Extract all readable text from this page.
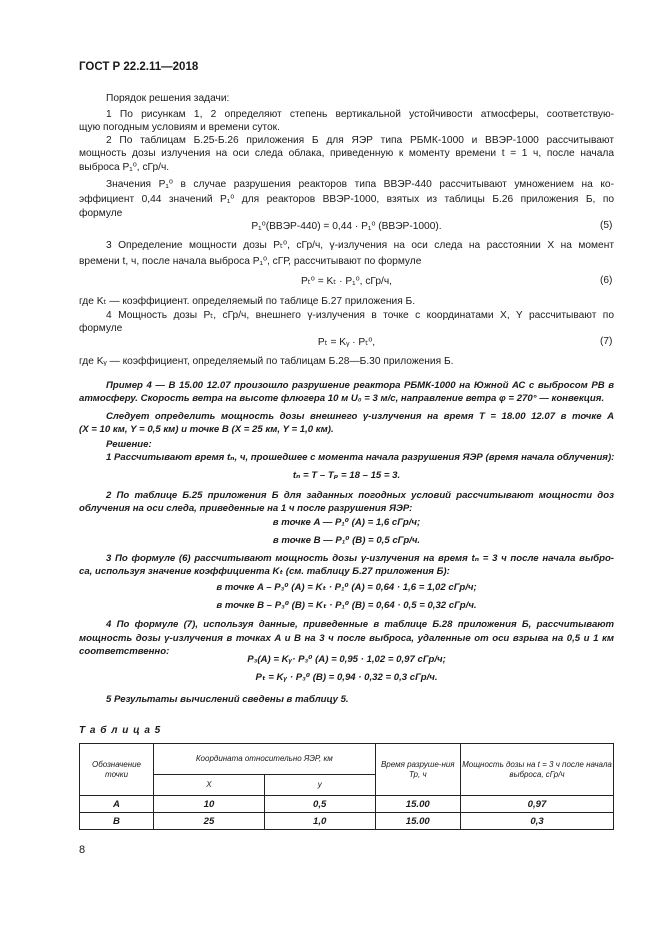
ГОСТ Р 22.2.11—2018
Порядок решения задачи:
1 По рисункам 1, 2 определяют степень вертикальной устойчивости атмосферы, соответствую-
щую погодным условиям и времени суток.
2 По таблицам Б.25-Б.26 приложения Б для ЯЭР типа РБМК-1000 и ВВЭР-1000 рассчитывают
мощность дозы излучения на оси следа облака, приведенную к моменту времени t = 1 ч, после начала
выброса P₁⁰, сГр/ч.
Значения P₁⁰ в случае разрушения реакторов типа ВВЭР-440 рассчитывают умножением на ко-
эффициент 0,44 значений P₁⁰ для реакторов ВВЭР-1000, взятых из таблицы Б.26 приложения Б, по
формуле
P₁⁰(ВВЭР-440) = 0,44 · P₁⁰ (ВВЭР-1000).	(5)
3 Определение мощности дозы Pₜ⁰, сГр/ч, γ-излучения на оси следа на расстоянии X на момент
времени t, ч, после начала выброса P₁⁰, сГР, рассчитывают по формуле
Pₜ⁰ = Kₜ · P₁⁰, сГр/ч,	(6)
где Kₜ — коэффициент. определяемый по таблице Б.27 приложения Б.
4 Мощность дозы Pₜ, сГр/ч, внешнего γ-излучения в точке c координатами X, Y рассчитывают по
формуле
Pₜ = Kᵧ · Pₜ⁰,	(7)
где Kᵧ — коэффициент, определяемый по таблицам Б.28—Б.30 приложения Б.
Пример 4 — В 15.00 12.07 произошло разрушение реактора РБМК-1000 на Южной АС с выбросом РВ в
атмосферу. Скорость ветра на высоте флюгера 10 м U₀ = 3 м/с, направление ветра φ = 270° — конвекция.
Следует определить мощность дозы внешнего γ-излучения на время T = 18.00 12.07 в точке A
(X = 10 км, Y = 0,5 км) и точке B (X = 25 км, Y = 1,0 км).
Решение:
1 Рассчитывают время tₙ, ч, прошедшее с момента начала разрушения ЯЭР (время начала облучения):
tₙ = T – Tₚ = 18 – 15 = 3.
2 По таблице Б.25 приложения Б для заданных погодных условий рассчитывают мощности доз
облучения на оси следа, приведенные на 1 ч после разрушения ЯЭР:
в точке A — P₁⁰ (A) = 1,6 сГр/ч;
в точке B — P₁⁰ (B) = 0,5 сГр/ч.
3 По формуле (6) рассчитывают мощность дозы γ-излучения на время tₙ = 3 ч после начала выбро-
са, используя значение коэффициента Kₜ (см. таблицу Б.27 приложения Б):
в точке A – P₃⁰ (A) = Kₜ · P₁⁰ (A) = 0,64 · 1,6 = 1,02 сГр/ч;
в точке B – P₃⁰ (B) = Kₜ · P₁⁰ (B) = 0,64 · 0,5 = 0,32 сГр/ч.
4 По формуле (7), используя данные, приведенные в таблице Б.28 приложения Б, рассчитывают
мощность дозы γ-излучения в точках A и B на 3 ч после выброса, удаленные от оси взрыва на 0,5 и 1 км
соответственно:
P₃(A) = Kᵧ· P₃⁰ (A) = 0,95 · 1,02 = 0,97 сГр/ч;
Pₜ = Kᵧ · P₃⁰ (B) = 0,94 · 0,32 = 0,3 сГр/ч.
5 Результаты вычислений сведены в таблицу 5.
Т а б л и ц а 5
Обозначение точки	Координата относительно ЯЭР, км		Время разруше-ния Тр, ч	Мощность дозы на t = 3 ч после начала выброса, сГр/ч
	X	y		
A	10	0,5	15.00	0,97
B	25	1,0	15.00	0,3
8
